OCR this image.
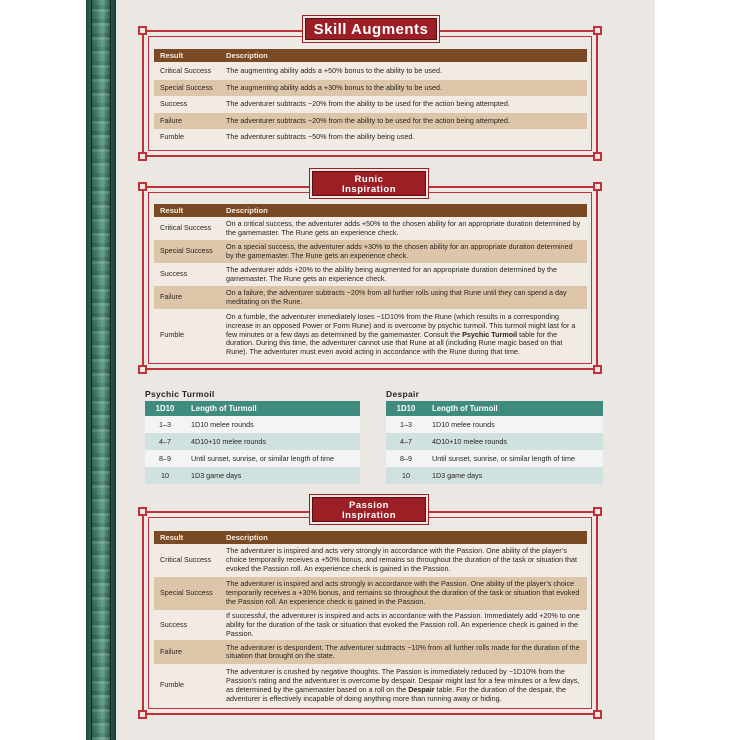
Skill Augments
Result	Description
Critical Success	The augmenting ability adds a +50% bonus to the ability to be used.
Special Success	The augmenting ability adds a +30% bonus to the ability to be used.
Success	The adventurer subtracts −20% from the ability to be used for the action being attempted.
Failure	The adventurer subtracts −20% from the ability to be used for the action being attempted.
Fumble	The adventurer subtracts −50% from the ability being used.
Runic
Inspiration
Result	Description
Critical Success	On a critical success, the adventurer adds +50% to the chosen ability for an appropriate duration determined by the gamemaster. The Rune gets an experience check.
Special Success	On a special success, the adventurer adds +30% to the chosen ability for an appropriate duration determined by the gamemaster. The Rune gets an experience check.
Success	The adventurer adds +20% to the ability being augmented for an appropriate duration determined by the gamemaster. The Rune gets an experience check.
Failure	On a failure, the adventurer subtracts −20% from all further rolls using that Rune until they can spend a day meditating on the Rune.
Fumble	On a fumble, the adventurer immediately loses −1D10% from the Rune (which results in a corresponding increase in an opposed Power or Form Rune) and is overcome by psychic turmoil. This turmoil might last for a few minutes or a few days as determined by the gamemaster. Consult the Psychic Turmoil table for the duration. During this time, the adventurer cannot use that Rune at all (including Rune magic based on that Rune). The adventurer must even avoid acting in accordance with the Rune during that time.
Psychic Turmoil
1D10	Length of Turmoil
1–3	1D10 melee rounds
4–7	4D10+10 melee rounds
8–9	Until sunset, sunrise, or similar length of time
10	1D3 game days
Despair
1D10	Length of Turmoil
1–3	1D10 melee rounds
4–7	4D10+10 melee rounds
8–9	Until sunset, sunrise, or similar length of time
10	1D3 game days
Passion
Inspiration
Result	Description
Critical Success	The adventurer is inspired and acts very strongly in accordance with the Passion. One ability of the player’s choice temporarily receives a +50% bonus, and remains so throughout the duration of the task or situation that evoked the Passion roll. An experience check is gained in the Passion.
Special Success	The adventurer is inspired and acts strongly in accordance with the Passion. One ability of the player’s choice temporarily receives a +30% bonus, and remains so throughout the duration of the task or situation that evoked the Passion roll. An experience check is gained in the Passion.
Success	If successful, the adventurer is inspired and acts in accordance with the Passion. Immediately add +20% to one ability for the duration of the task or situation that evoked the Passion roll. An experience check is gained in the Passion.
Failure	The adventurer is despondent. The adventurer subtracts −10% from all further rolls made for the duration of the situation that brought on the state.
Fumble	The adventurer is crushed by negative thoughts. The Passion is immediately reduced by −1D10% from the Passion’s rating and the adventurer is overcome by despair. Despair might last for a few minutes or a few days, as determined by the gamemaster based on a roll on the Despair table. For the duration of the despair, the adventurer is effectively incapable of doing anything more than running away or hiding.
